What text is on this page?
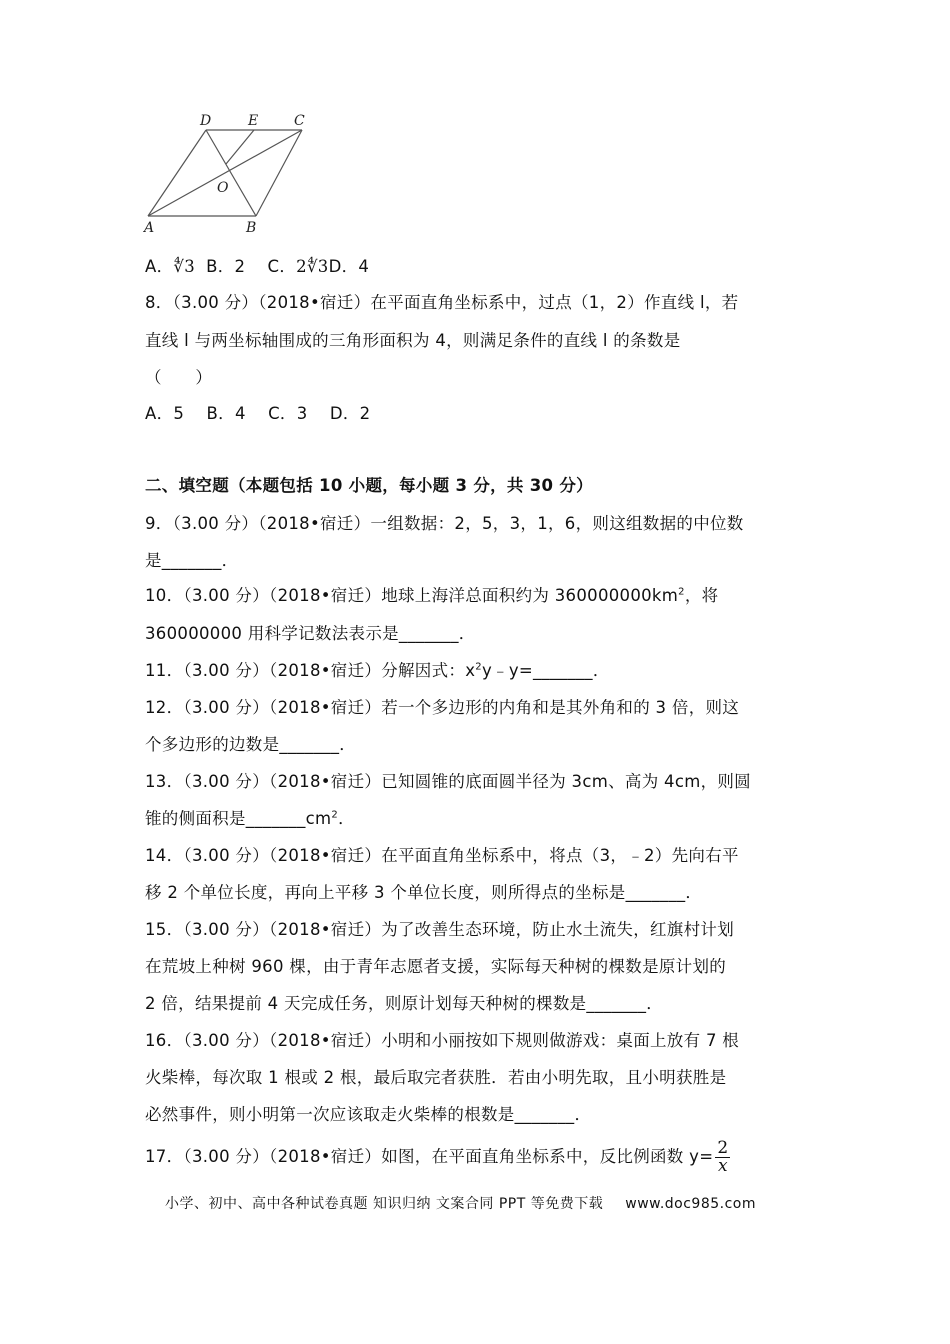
D	E	C
O
A	B
A．∜3 B．2 C．2∜3D．4
8．（3.00 分）（2018•宿迁）在平面直角坐标系中，过点（1，2）作直线 l，若
直线 l 与两坐标轴围成的三角形面积为 4，则满足条件的直线 l 的条数是
（　　）
A．5　 B．4　 C．3　 D．2
二、填空题（本题包括 10 小题，每小题 3 分，共 30 分）
9．（3.00 分）（2018•宿迁）一组数据：2，5，3，1，6，则这组数据的中位数
是_______．
10．（3.00 分）（2018•宿迁）地球上海洋总面积约为 $360000000km^2$，将
360000000 用科学记数法表示是_______．
11．（3.00 分）（2018•宿迁）分解因式：$x^2y﹣y=\_\_\_\_\_\_\_$．
12．（3.00 分）（2018•宿迁）若一个多边形的内角和是其外角和的 3 倍，则这
个多边形的边数是_______．
13．（3.00 分）（2018•宿迁）已知圆锥的底面圆半径为 3cm、高为 4cm，则圆
锥的侧面积是$\_\_\_\_\_\_\_cm^2$．
14．（3.00 分）（2018•宿迁）在平面直角坐标系中，将点（3，﹣2）先向右平
移 2 个单位长度，再向上平移 3 个单位长度，则所得点的坐标是_______．
15．（3.00 分）（2018•宿迁）为了改善生态环境，防止水土流失，红旗村计划
在荒坡上种树 960 棵，由于青年志愿者支援，实际每天种树的棵数是原计划的
2 倍，结果提前 4 天完成任务，则原计划每天种树的棵数是_______．
16．（3.00 分）（2018•宿迁）小明和小丽按如下规则做游戏：桌面上放有 7 根
火柴棒，每次取 1 根或 2 根，最后取完者获胜．若由小明先取，且小明获胜是
必然事件，则小明第一次应该取走火柴棒的根数是_______．
17．（3.00 分）（2018•宿迁）如图，在平面直角坐标系中，反比例函数 $y= \frac{2}{x}$
小学、初中、高中各种试卷真题 知识归纳 文案合同 PPT 等免费下载 www.doc985.com
